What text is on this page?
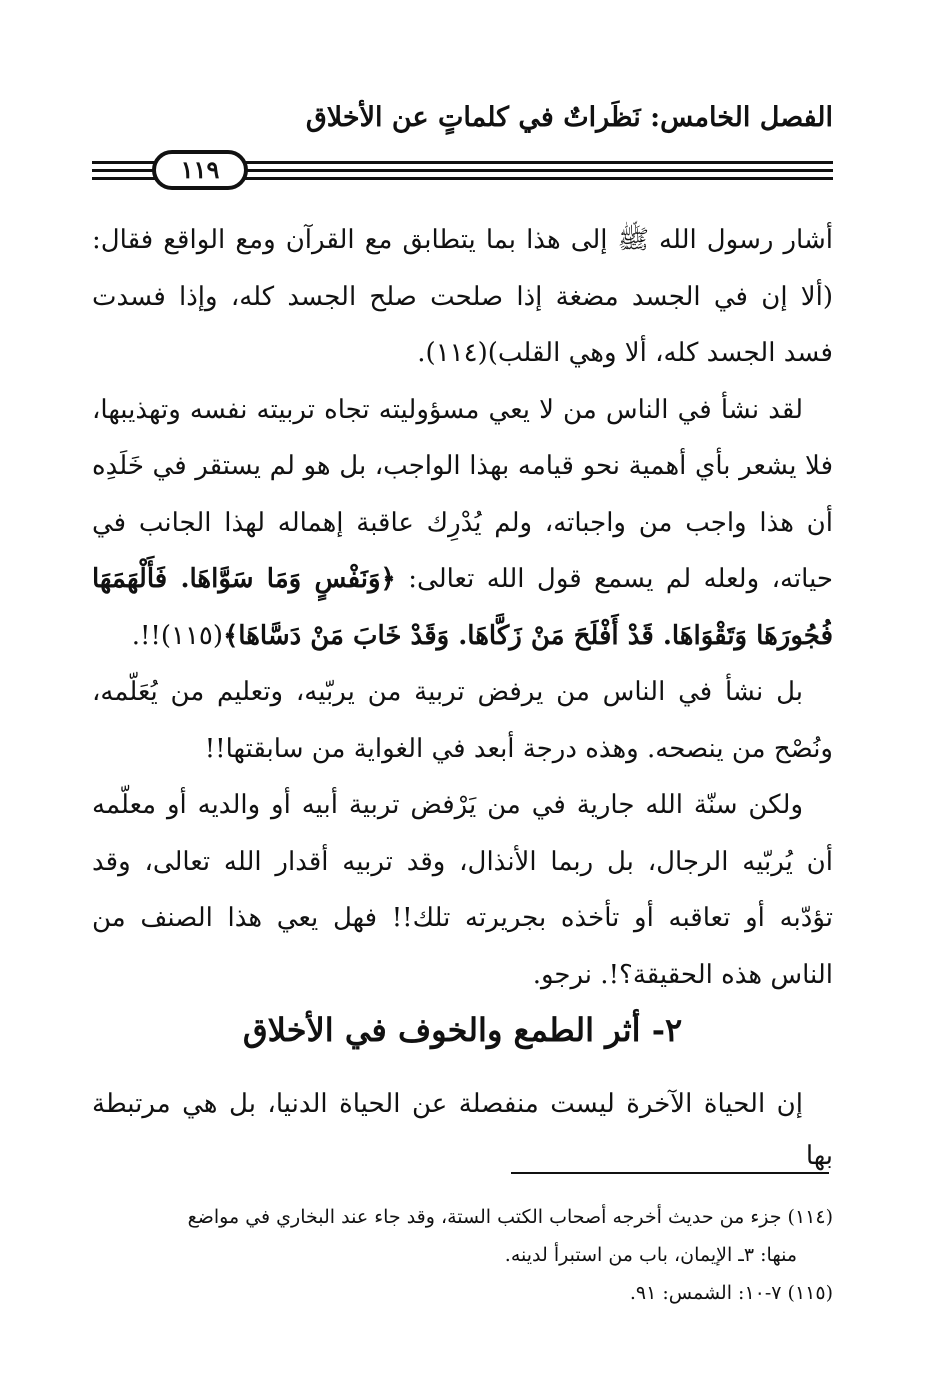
الفصل الخامس: نَظَراتٌ في كلماتٍ عن الأخلاق
١١٩

أشار رسول الله ﷺ إلى هذا بما يتطابق مع القرآن ومع الواقع فقال: (ألا إن في الجسد مضغة إذا صلحت صلح الجسد كله، وإذا فسدت فسد الجسد كله، ألا وهي القلب)(١١٤).

لقد نشأ في الناس من لا يعي مسؤوليته تجاه تربيته نفسه وتهذيبها، فلا يشعر بأي أهمية نحو قيامه بهذا الواجب، بل هو لم يستقر في خَلَدِه أن هذا واجب من واجباته، ولم يُدْرِك عاقبة إهماله لهذا الجانب في حياته، ولعله لم يسمع قول الله تعالى: ﴿وَنَفْسٍ وَمَا سَوَّاهَا. فَأَلْهَمَهَا فُجُورَهَا وَتَقْوَاهَا. قَدْ أَفْلَحَ مَنْ زَكَّاهَا. وَقَدْ خَابَ مَنْ دَسَّاهَا﴾(١١٥)!!.

بل نشأ في الناس من يرفض تربية من يربّيه، وتعليم من يُعَلّمه، ونُصْح من ينصحه. وهذه درجة أبعد في الغواية من سابقتها!!

ولكن سنّة الله جارية في من يَرْفض تربية أبيه أو والديه أو معلّمه أن يُربّيه الرجال، بل ربما الأنذال، وقد تربيه أقدار الله تعالى، وقد تؤدّبه أو تعاقبه أو تأخذه بجريرته تلك!! فهل يعي هذا الصنف من الناس هذه الحقيقة؟!. نرجو.

٢- أثر الطمع والخوف في الأخلاق
إن الحياة الآخرة ليست منفصلة عن الحياة الدنيا، بل هي مرتبطة بها

(١١٤) جزء من حديث أخرجه أصحاب الكتب الستة، وقد جاء عند البخاري في مواضع

منها: ٣ـ الإيمان، باب من استبرأ لدينه.

(١١٥) ٧-١٠: الشمس: ٩١.
